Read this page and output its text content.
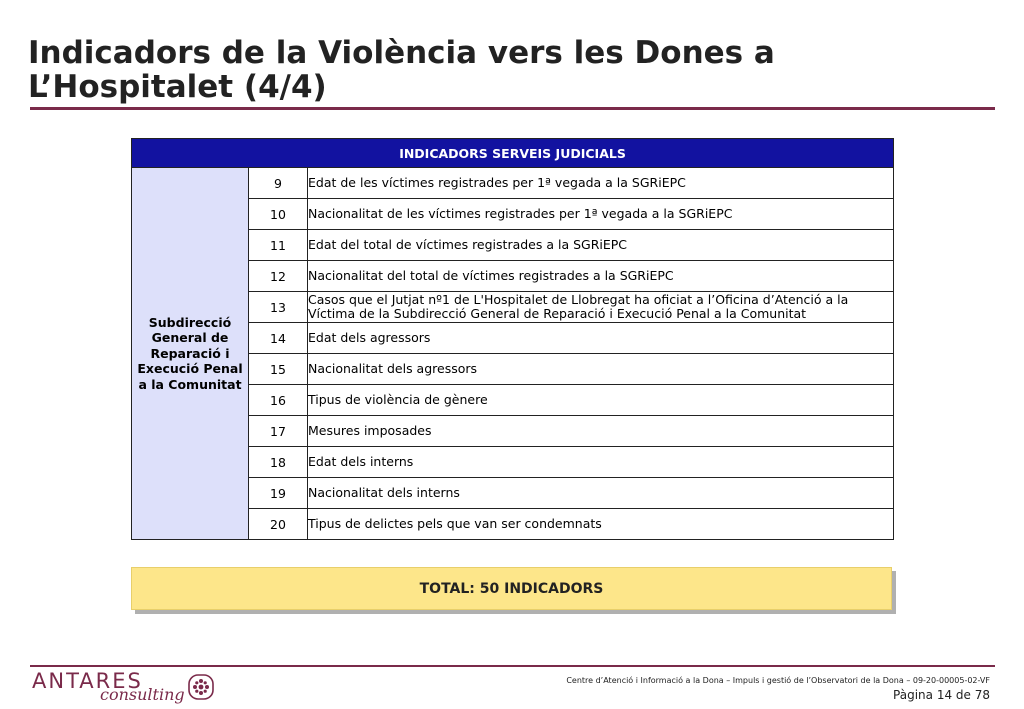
Indicadors de la Violència vers les Dones a L’Hospitalet (4/4)
INDICADORS SERVEIS JUDICIALS		
Subdirecció General de Reparació i Execució Penal a la Comunitat	9	Edat de les víctimes registrades per 1ª vegada a la SGRiEPC
	10	Nacionalitat de les víctimes registrades per 1ª vegada a la SGRiEPC
	11	Edat del total de víctimes registrades a la SGRiEPC
	12	Nacionalitat del total de víctimes registrades a la SGRiEPC
	13	Casos que el Jutjat nº1 de L'Hospitalet de Llobregat ha oficiat a l’Oficina d’Atenció a la Víctima de la Subdirecció General de Reparació i Execució Penal a la Comunitat
	14	Edat dels agressors
	15	Nacionalitat dels agressors
	16	Tipus de violència de gènere
	17	Mesures imposades
	18	Edat dels interns
	19	Nacionalitat dels interns
	20	Tipus de delictes pels que van ser condemnats
TOTAL: 50 INDICADORS
ANTARES
consulting
Centre d’Atenció i Informació a la Dona – Impuls i gestió de l’Observatori de la Dona – 09-20-00005-02-VF
Pàgina 14 de 78
